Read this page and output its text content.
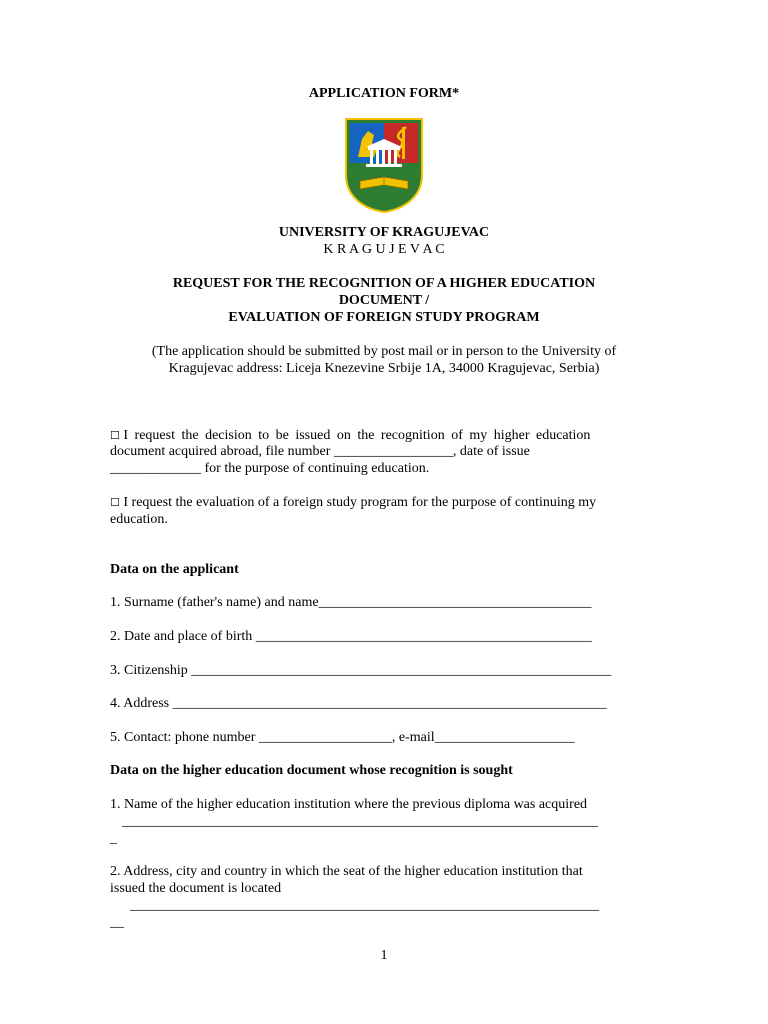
APPLICATION FORM*
UNIVERSITY OF KRAGUJEVAC
K R A G U J E V A C
REQUEST FOR THE RECOGNITION OF A HIGHER EDUCATION
DOCUMENT /
EVALUATION OF FOREIGN STUDY PROGRAM
(The application should be submitted by post mail or in person to the University of
Kragujevac address: Liceja Knezevine Srbije 1A, 34000 Kragujevac, Serbia)
☐ I request the decision to be issued on the recognition of my higher education
document acquired abroad, file number _________________, date of issue
_____________ for the purpose of continuing education.
☐ I request the evaluation of a foreign study program for the purpose of continuing my
education.
Data on the applicant
1. Surname (father's name) and name_______________________________________
2. Date and place of birth ________________________________________________
3. Citizenship ____________________________________________________________
4. Address ______________________________________________________________
5. Contact: phone number ___________________, e-mail____________________
Data on the higher education document whose recognition is sought
1. Name of the higher education institution where the previous diploma was acquired
____________________________________________________________________
_
2. Address, city and country in which the seat of the higher education institution that
issued the document is located
___________________________________________________________________
__
1
